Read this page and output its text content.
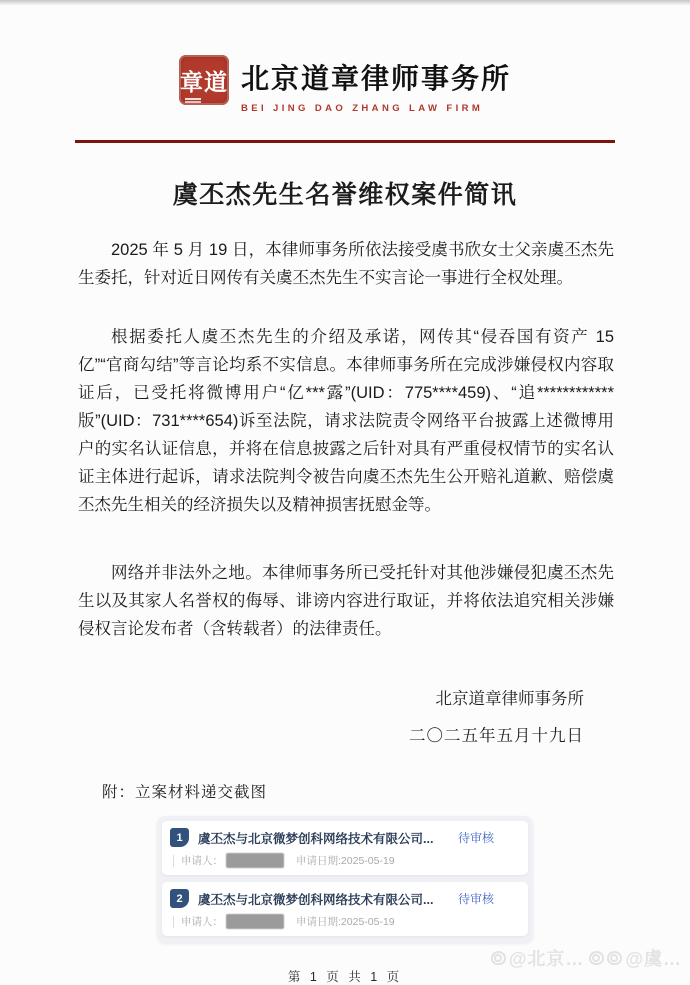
章道 北京道章律师事务所
BEI JING DAO ZHANG LAW FIRM
虞丕杰先生名誉维权案件简讯

2025 年 5 月 19 日，本律师事务所依法接受虞书欣女士父亲虞丕杰先生委托，针对近日网传有关虞丕杰先生不实言论一事进行全权处理。

根据委托人虞丕杰先生的介绍及承诺，网传其“侵吞国有资产 15 亿”“官商勾结”等言论均系不实信息。本律师事务所在完成涉嫌侵权内容取证后，已受托将微博用户“亿***露”(UID：775****459)、“追************版”(UID：731****654)诉至法院，请求法院责令网络平台披露上述微博用户的实名认证信息，并将在信息披露之后针对具有严重侵权情节的实名认证主体进行起诉，请求法院判令被告向虞丕杰先生公开赔礼道歉、赔偿虞丕杰先生相关的经济损失以及精神损害抚慰金等。

网络并非法外之地。本律师事务所已受托针对其他涉嫌侵犯虞丕杰先生以及其家人名誉权的侮辱、诽谤内容进行取证，并将依法追究相关涉嫌侵权言论发布者（含转载者）的法律责任。

北京道章律师事务所
二〇二五年五月十九日
附：立案材料递交截图
1	虞丕杰与北京微梦创科网络技术有限公司...	待审核
申请人：	申请日期: 2025-05-19
2	虞丕杰与北京微梦创科网络技术有限公司...	待审核
申请人：	申请日期: 2025-05-19
第 1 页 共 1 页
@北京… @虞…
